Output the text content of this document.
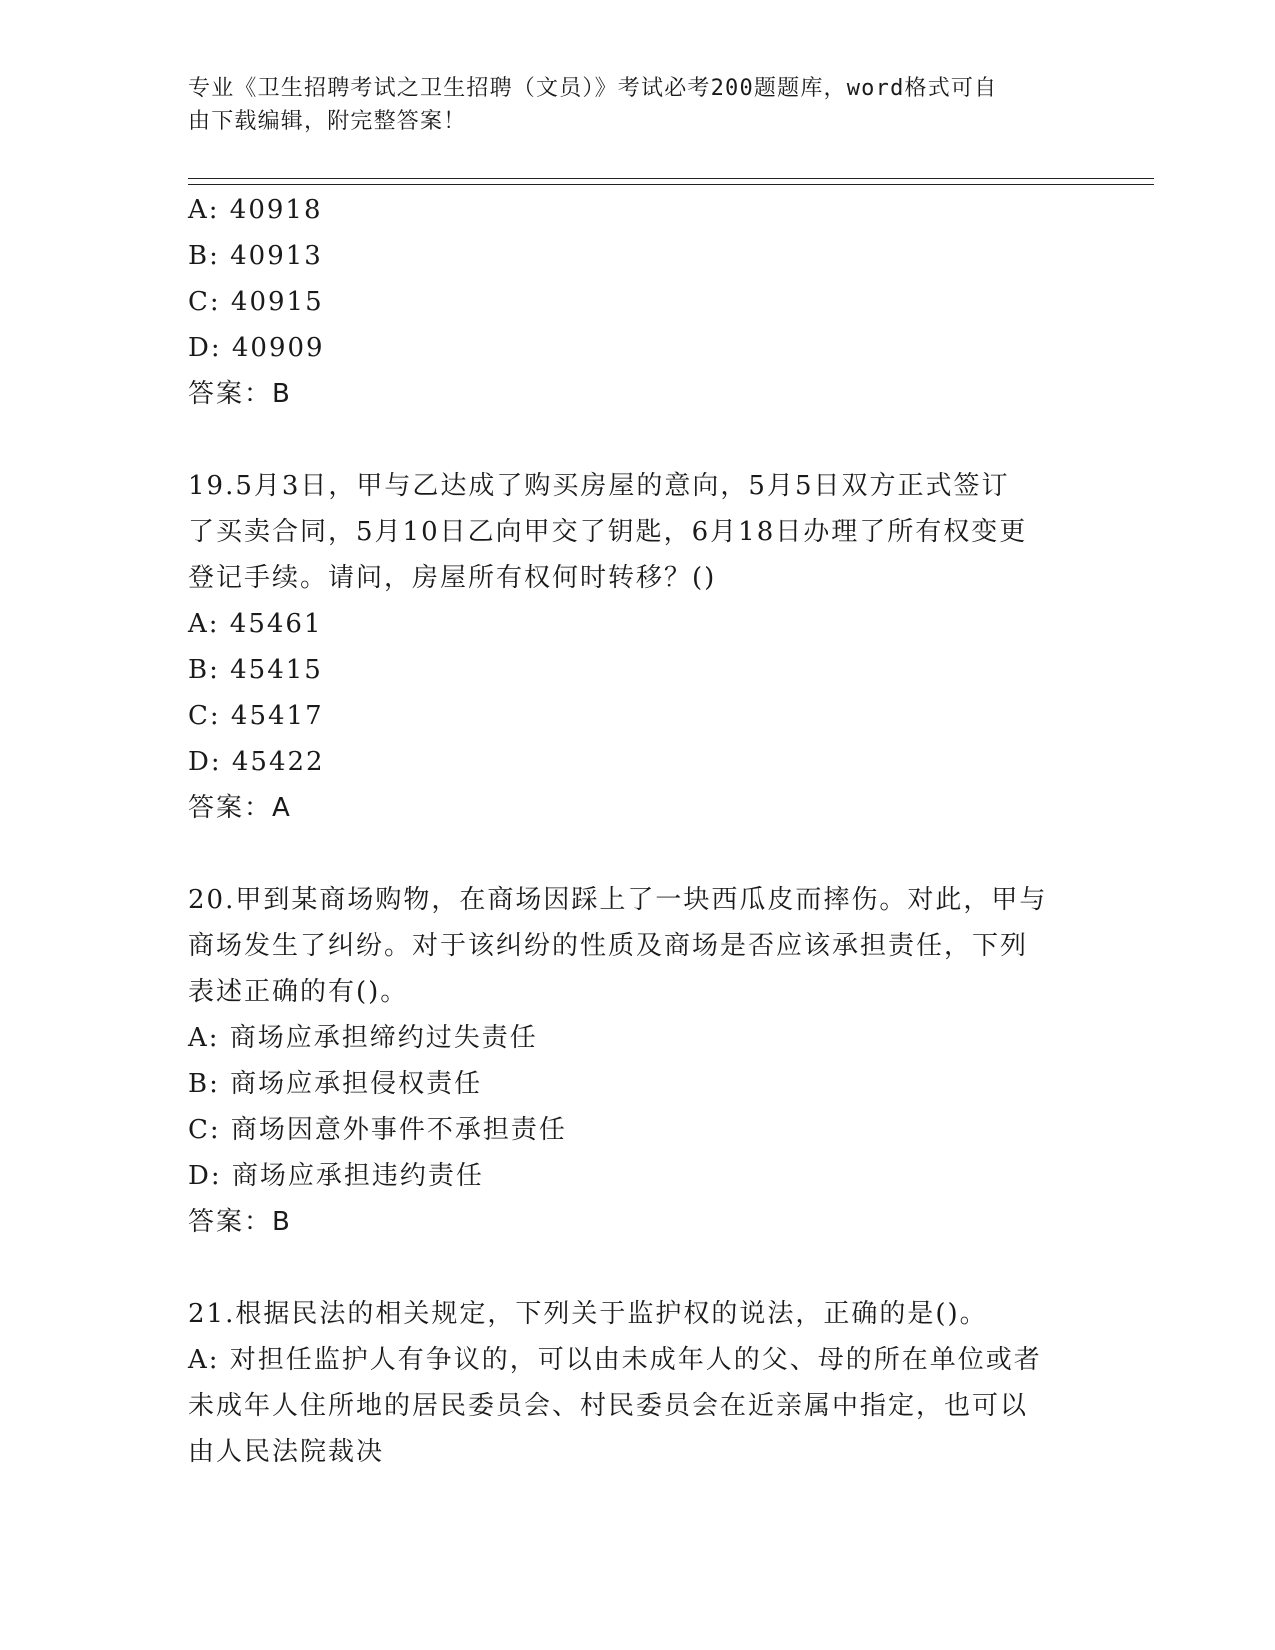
专业《卫生招聘考试之卫生招聘（文员）》考试必考200题题库，word格式可自
由下载编辑，附完整答案！
A: 40918
B: 40913
C: 40915
D: 40909
答案：B
19.5月3日，甲与乙达成了购买房屋的意向，5月5日双方正式签订
了买卖合同，5月10日乙向甲交了钥匙，6月18日办理了所有权变更
登记手续。请问，房屋所有权何时转移？()
A: 45461
B: 45415
C: 45417
D: 45422
答案：A
20.甲到某商场购物，在商场因踩上了一块西瓜皮而摔伤。对此，甲与
商场发生了纠纷。对于该纠纷的性质及商场是否应该承担责任，下列
表述正确的有()。
A: 商场应承担缔约过失责任
B: 商场应承担侵权责任
C: 商场因意外事件不承担责任
D: 商场应承担违约责任
答案：B
21.根据民法的相关规定，下列关于监护权的说法，正确的是()。
A: 对担任监护人有争议的，可以由未成年人的父、母的所在单位或者
未成年人住所地的居民委员会、村民委员会在近亲属中指定，也可以
由人民法院裁决
